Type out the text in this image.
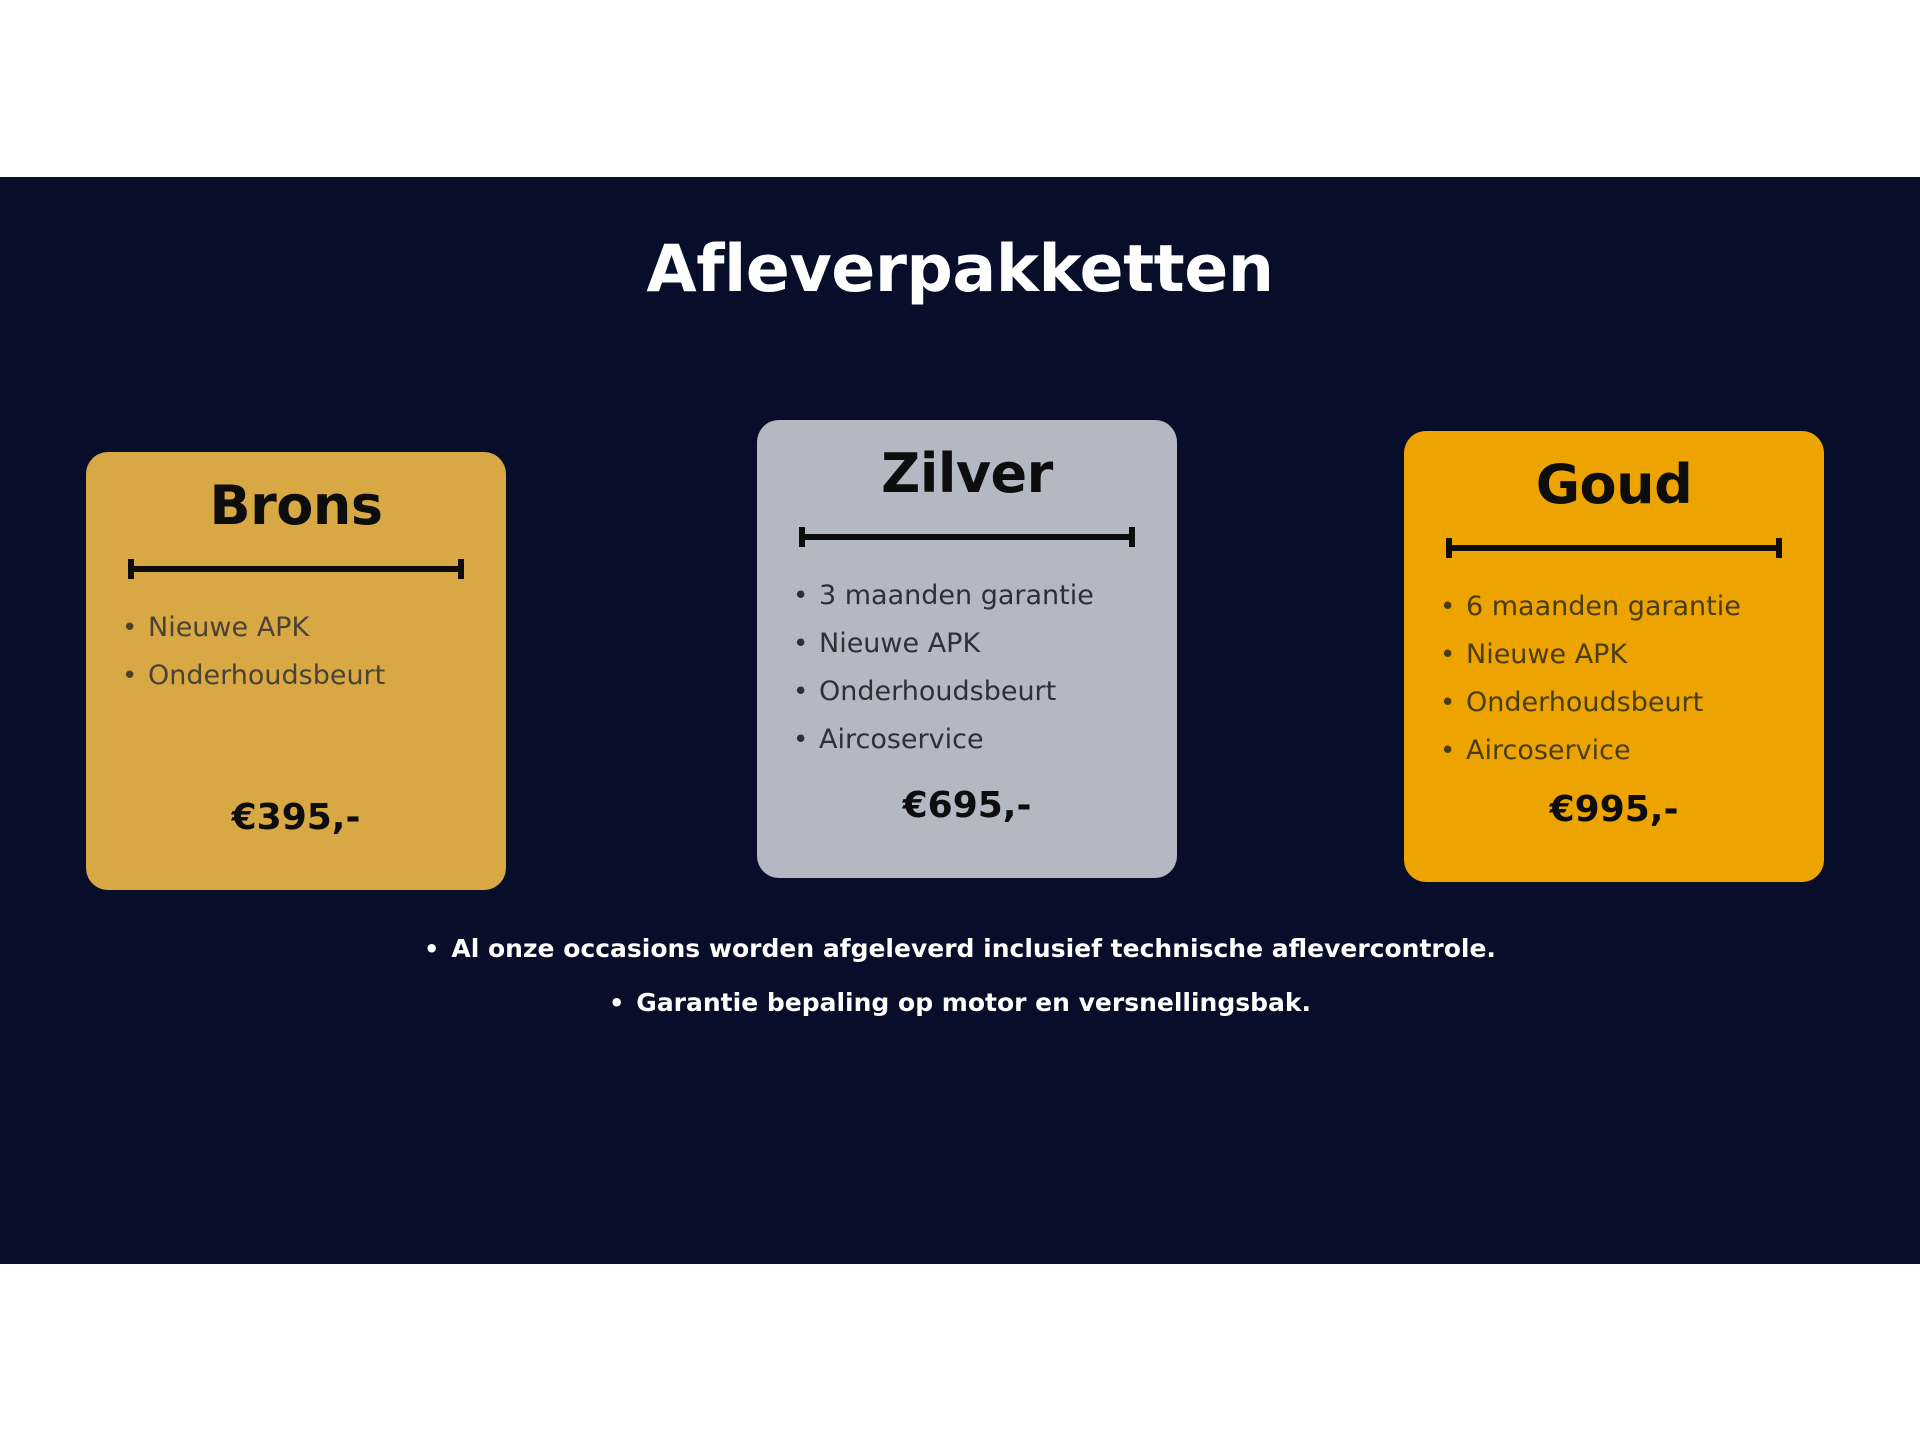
Afleverpakketten
Brons
• Nieuwe APK
• Onderhoudsbeurt
€395,-
Zilver
• 3 maanden garantie
• Nieuwe APK
• Onderhoudsbeurt
• Aircoservice
€695,-
Goud
• 6 maanden garantie
• Nieuwe APK
• Onderhoudsbeurt
• Aircoservice
€995,-
• Al onze occasions worden afgeleverd inclusief technische aflevercontrole.
• Garantie bepaling op motor en versnellingsbak.
